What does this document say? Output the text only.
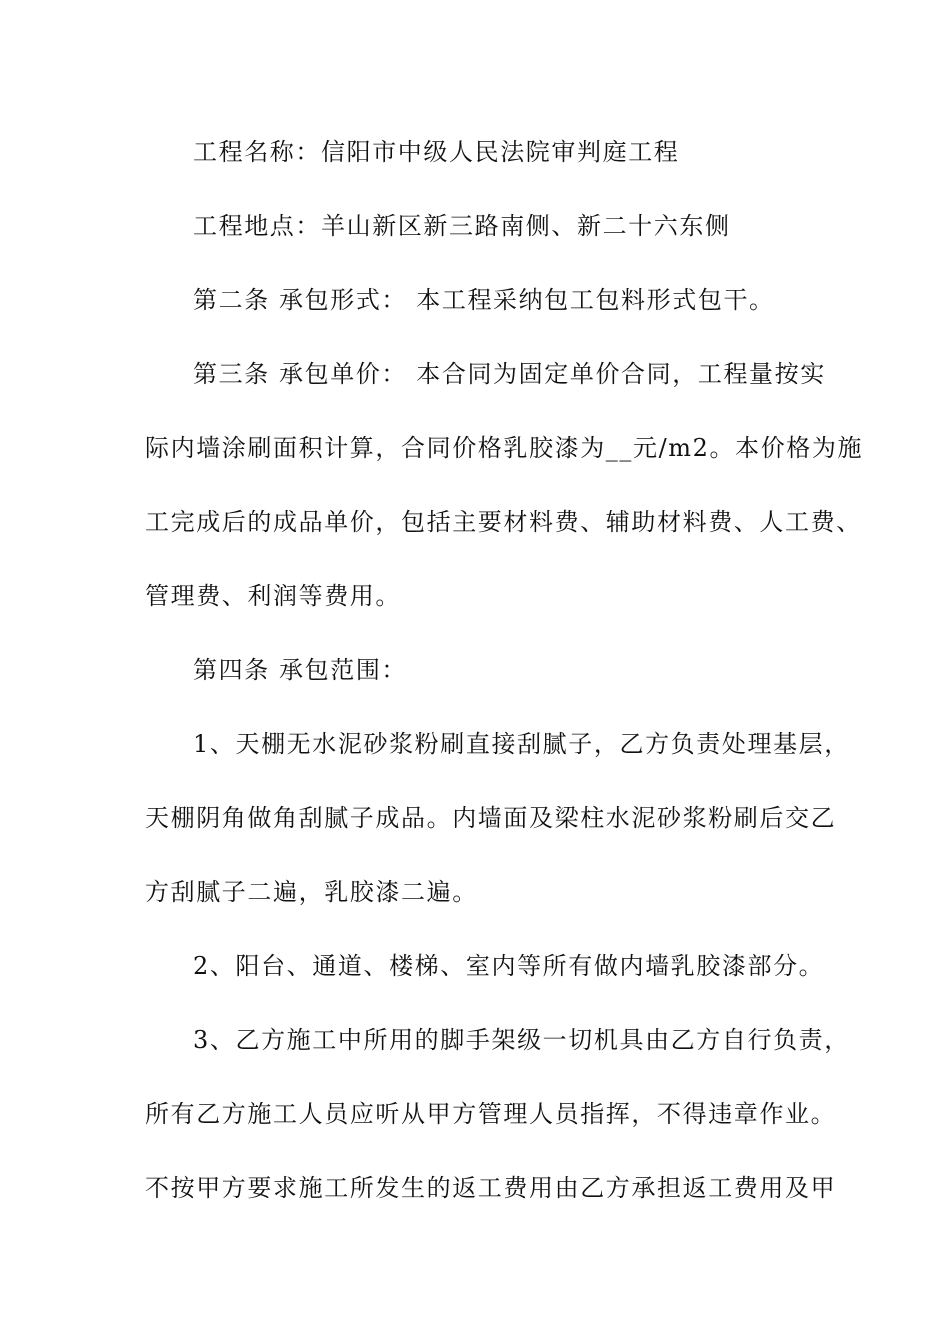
工程名称：信阳市中级人民法院审判庭工程
工程地点：羊山新区新三路南侧、新二十六东侧
第二条 承包形式： 本工程采纳包工包料形式包干。
第三条 承包单价： 本合同为固定单价合同，工程量按实
际内墙涂刷面积计算，合同价格乳胶漆为__元/m2。本价格为施
工完成后的成品单价，包括主要材料费、辅助材料费、人工费、
管理费、利润等费用。
第四条 承包范围：
1、天棚无水泥砂浆粉刷直接刮腻子，乙方负责处理基层，
天棚阴角做角刮腻子成品。内墙面及梁柱水泥砂浆粉刷后交乙
方刮腻子二遍，乳胶漆二遍。
2、阳台、通道、楼梯、室内等所有做内墙乳胶漆部分。
3、乙方施工中所用的脚手架级一切机具由乙方自行负责，
所有乙方施工人员应听从甲方管理人员指挥，不得违章作业。
不按甲方要求施工所发生的返工费用由乙方承担返工费用及甲
